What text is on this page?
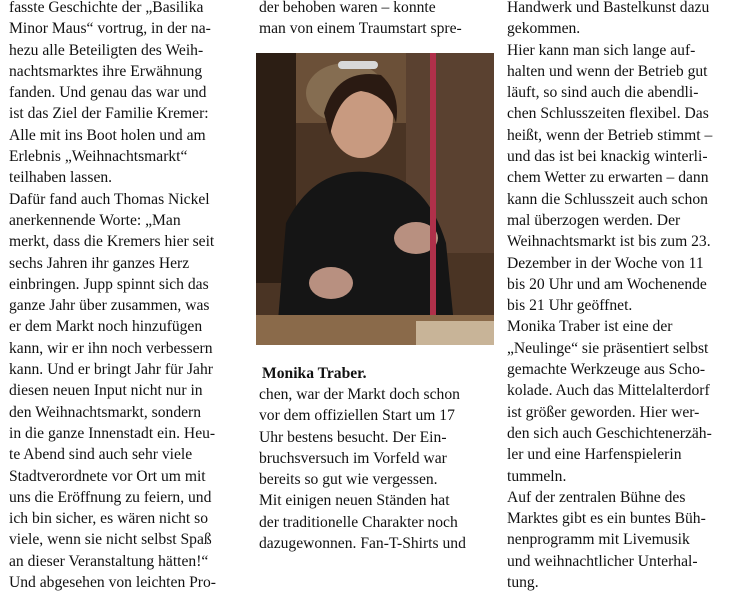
fasste Geschichte der „Basilika
Minor Maus“ vortrug, in der na-
hezu alle Beteiligten des Weih-
nachtsmarktes ihre Erwähnung
fanden. Und genau das war und
ist das Ziel der Familie Kremer:
Alle mit ins Boot holen und am
Erlebnis „Weihnachtsmarkt“
teilhaben lassen.
Dafür fand auch Thomas Nickel
anerkennende Worte: „Man
merkt, dass die Kremers hier seit
sechs Jahren ihr ganzes Herz
einbringen. Jupp spinnt sich das
ganze Jahr über zusammen, was
er dem Markt noch hinzufügen
kann, wir er ihn noch verbessern
kann. Und er bringt Jahr für Jahr
diesen neuen Input nicht nur in
den Weihnachtsmarkt, sondern
in die ganze Innenstadt ein. Heu-
te Abend sind auch sehr viele
Stadtverordnete vor Ort um mit
uns die Eröffnung zu feiern, und
ich bin sicher, es wären nicht so
viele, wenn sie nicht selbst Spaß
an dieser Veranstaltung hätten!“
Und abgesehen von leichten Pro-
der behoben waren – konnte
man von einem Traumstart spre-
Monika Traber.
chen, war der Markt doch schon
vor dem offiziellen Start um 17
Uhr bestens besucht. Der Ein-
bruchsversuch im Vorfeld war
bereits so gut wie vergessen.
Mit einigen neuen Ständen hat
der traditionelle Charakter noch
dazugewonnen. Fan-T-Shirts und
Handwerk und Bastelkunst dazu
gekommen.
Hier kann man sich lange auf-
halten und wenn der Betrieb gut
läuft, so sind auch die abendli-
chen Schlusszeiten flexibel. Das
heißt, wenn der Betrieb stimmt –
und das ist bei knackig winterli-
chem Wetter zu erwarten – dann
kann die Schlusszeit auch schon
mal überzogen werden. Der
Weihnachtsmarkt ist bis zum 23.
Dezember in der Woche von 11
bis 20 Uhr und am Wochenende
bis 21 Uhr geöffnet.
Monika Traber ist eine der
„Neulinge“ sie präsentiert selbst
gemachte Werkzeuge aus Scho-
kolade. Auch das Mittelalterdorf
ist größer geworden. Hier wer-
den sich auch Geschichtenerzäh-
ler und eine Harfenspielerin
tummeln.
Auf der zentralen Bühne des
Marktes gibt es ein buntes Büh-
nenprogramm mit Livemusik
und weihnachtlicher Unterhal-
tung.
